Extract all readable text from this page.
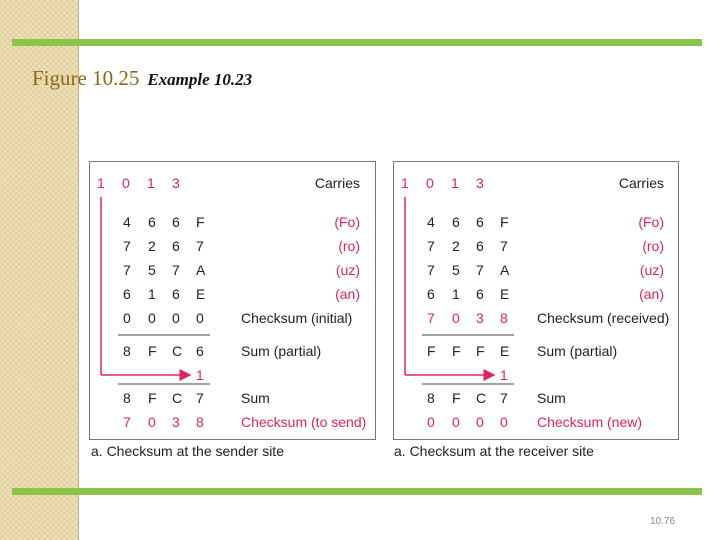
Figure 10.25 Example 10.23
a. Checksum at the sender site	a. Checksum at the receiver site
10.76
1 0 1 3	Carries
4 6 6 F	(Fo)
7 2 6 7	(ro)
7 5 7 A	(uz)
6 1 6 E	(an)
0 0 0 0	Checksum (initial)
8 F C 6	Sum (partial)
1
8 F C 7	Sum
7 0 3 8	Checksum (to send)
1 0 1 3	Carries
4 6 6 F	(Fo)
7 2 6 7	(ro)
7 5 7 A	(uz)
6 1 6 E	(an)
7 0 3 8 Checksum (received)
F F F E Sum (partial)
1
8 F C 7 Sum
0 0 0 0 Checksum (new)
